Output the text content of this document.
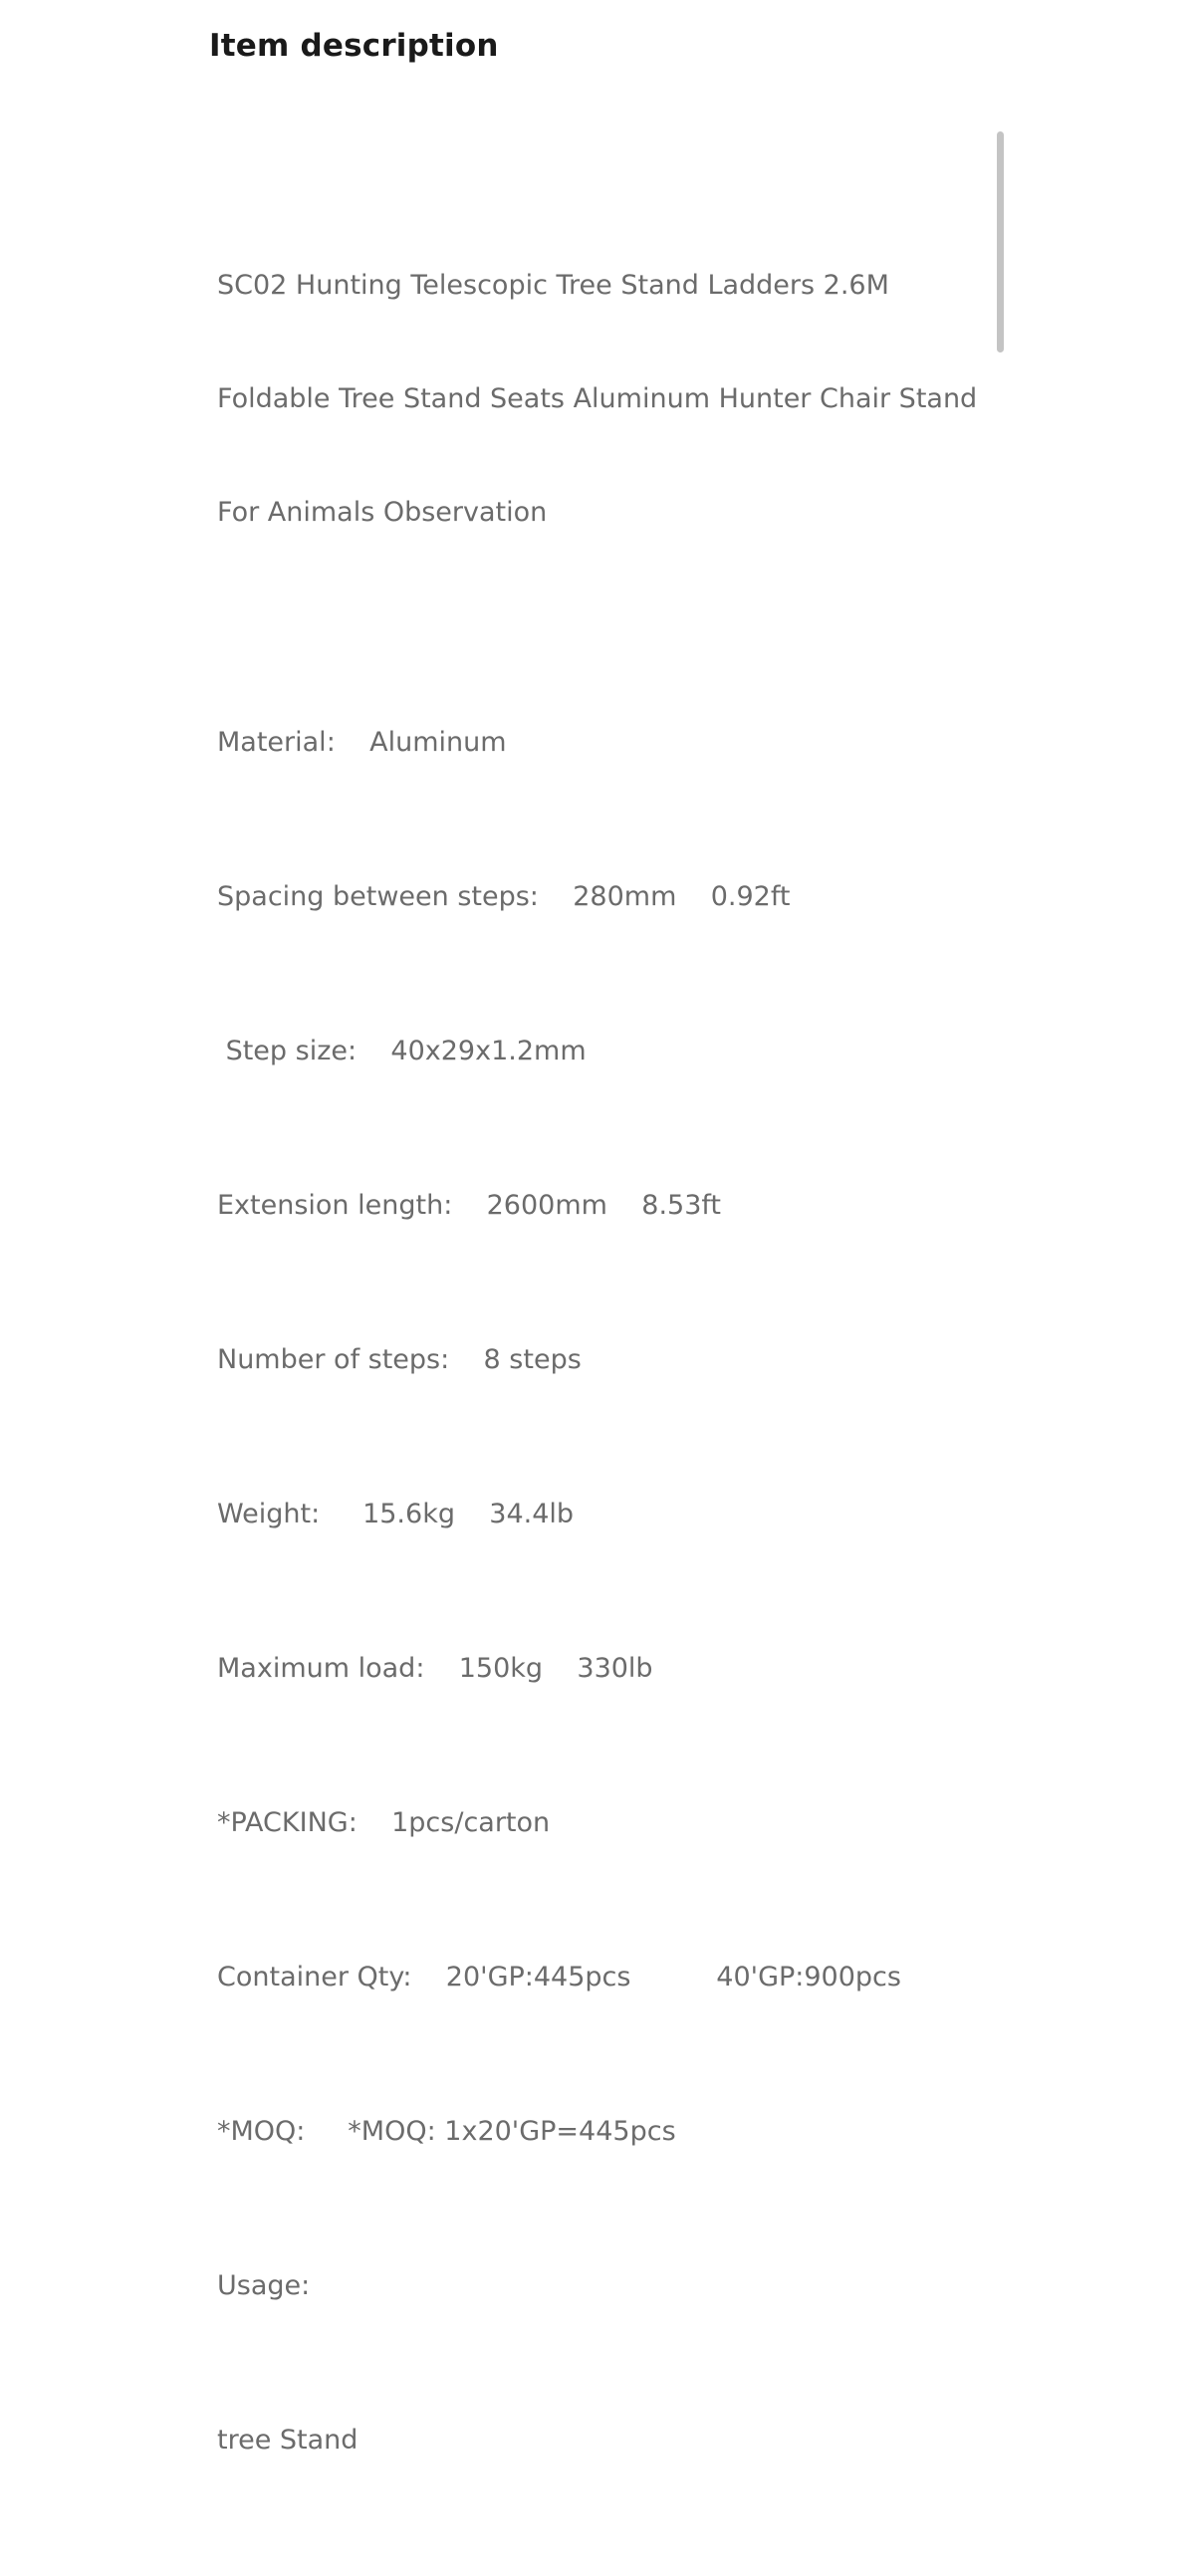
Item description

SC02 Hunting Telescopic Tree Stand Ladders 2.6M

Foldable Tree Stand Seats Aluminum Hunter Chair Stand

For Animals Observation

Material:    Aluminum

Spacing between steps:    280mm    0.92ft

Step size:    40x29x1.2mm

Extension length:    2600mm    8.53ft

Number of steps:    8 steps

Weight:     15.6kg    34.4lb

Maximum load:    150kg    330lb

*PACKING:    1pcs/carton

Container Qty:    20'GP:445pcs          40'GP:900pcs

*MOQ:     *MOQ: 1x20'GP=445pcs

Usage:

tree Stand
